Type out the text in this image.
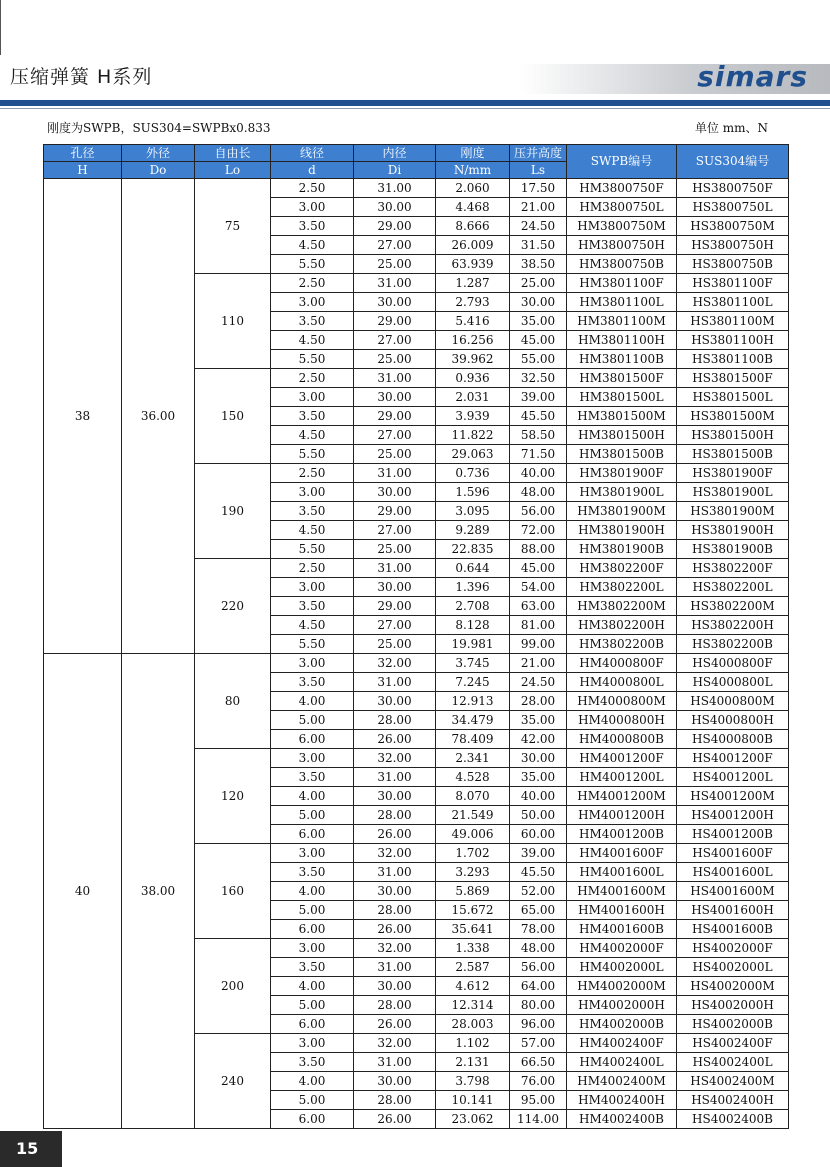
压缩弹簧 H系列	simars
刚度为SWPB，SUS304=SWPBx0.833	单位 mm、N
孔径	外径	自由长	线径	内径	刚度	压并高度	SWPB编号	SUS304编号
H	Do	Lo	d	Di	N/mm	Ls		
38	36.00	75	2.50	31.00	2.060	17.50	HM3800750F	HS3800750F
			3.00	30.00	4.468	21.00	HM3800750L	HS3800750L
			3.50	29.00	8.666	24.50	HM3800750M	HS3800750M
			4.50	27.00	26.009	31.50	HM3800750H	HS3800750H
			5.50	25.00	63.939	38.50	HM3800750B	HS3800750B
		110	2.50	31.00	1.287	25.00	HM3801100F	HS3801100F
			3.00	30.00	2.793	30.00	HM3801100L	HS3801100L
			3.50	29.00	5.416	35.00	HM3801100M	HS3801100M
			4.50	27.00	16.256	45.00	HM3801100H	HS3801100H
			5.50	25.00	39.962	55.00	HM3801100B	HS3801100B
		150	2.50	31.00	0.936	32.50	HM3801500F	HS3801500F
			3.00	30.00	2.031	39.00	HM3801500L	HS3801500L
			3.50	29.00	3.939	45.50	HM3801500M	HS3801500M
			4.50	27.00	11.822	58.50	HM3801500H	HS3801500H
			5.50	25.00	29.063	71.50	HM3801500B	HS3801500B
		190	2.50	31.00	0.736	40.00	HM3801900F	HS3801900F
			3.00	30.00	1.596	48.00	HM3801900L	HS3801900L
			3.50	29.00	3.095	56.00	HM3801900M	HS3801900M
			4.50	27.00	9.289	72.00	HM3801900H	HS3801900H
			5.50	25.00	22.835	88.00	HM3801900B	HS3801900B
		220	2.50	31.00	0.644	45.00	HM3802200F	HS3802200F
			3.00	30.00	1.396	54.00	HM3802200L	HS3802200L
			3.50	29.00	2.708	63.00	HM3802200M	HS3802200M
			4.50	27.00	8.128	81.00	HM3802200H	HS3802200H
			5.50	25.00	19.981	99.00	HM3802200B	HS3802200B
40	38.00	80	3.00	32.00	3.745	21.00	HM4000800F	HS4000800F
			3.50	31.00	7.245	24.50	HM4000800L	HS4000800L
			4.00	30.00	12.913	28.00	HM4000800M	HS4000800M
			5.00	28.00	34.479	35.00	HM4000800H	HS4000800H
			6.00	26.00	78.409	42.00	HM4000800B	HS4000800B
		120	3.00	32.00	2.341	30.00	HM4001200F	HS4001200F
			3.50	31.00	4.528	35.00	HM4001200L	HS4001200L
			4.00	30.00	8.070	40.00	HM4001200M	HS4001200M
			5.00	28.00	21.549	50.00	HM4001200H	HS4001200H
			6.00	26.00	49.006	60.00	HM4001200B	HS4001200B
		160	3.00	32.00	1.702	39.00	HM4001600F	HS4001600F
			3.50	31.00	3.293	45.50	HM4001600L	HS4001600L
			4.00	30.00	5.869	52.00	HM4001600M	HS4001600M
			5.00	28.00	15.672	65.00	HM4001600H	HS4001600H
			6.00	26.00	35.641	78.00	HM4001600B	HS4001600B
		200	3.00	32.00	1.338	48.00	HM4002000F	HS4002000F
			3.50	31.00	2.587	56.00	HM4002000L	HS4002000L
			4.00	30.00	4.612	64.00	HM4002000M	HS4002000M
			5.00	28.00	12.314	80.00	HM4002000H	HS4002000H
			6.00	26.00	28.003	96.00	HM4002000B	HS4002000B
		240	3.00	32.00	1.102	57.00	HM4002400F	HS4002400F
			3.50	31.00	2.131	66.50	HM4002400L	HS4002400L
			4.00	30.00	3.798	76.00	HM4002400M	HS4002400M
			5.00	28.00	10.141	95.00	HM4002400H	HS4002400H
			6.00	26.00	23.062	114.00	HM4002400B	HS4002400B
15
